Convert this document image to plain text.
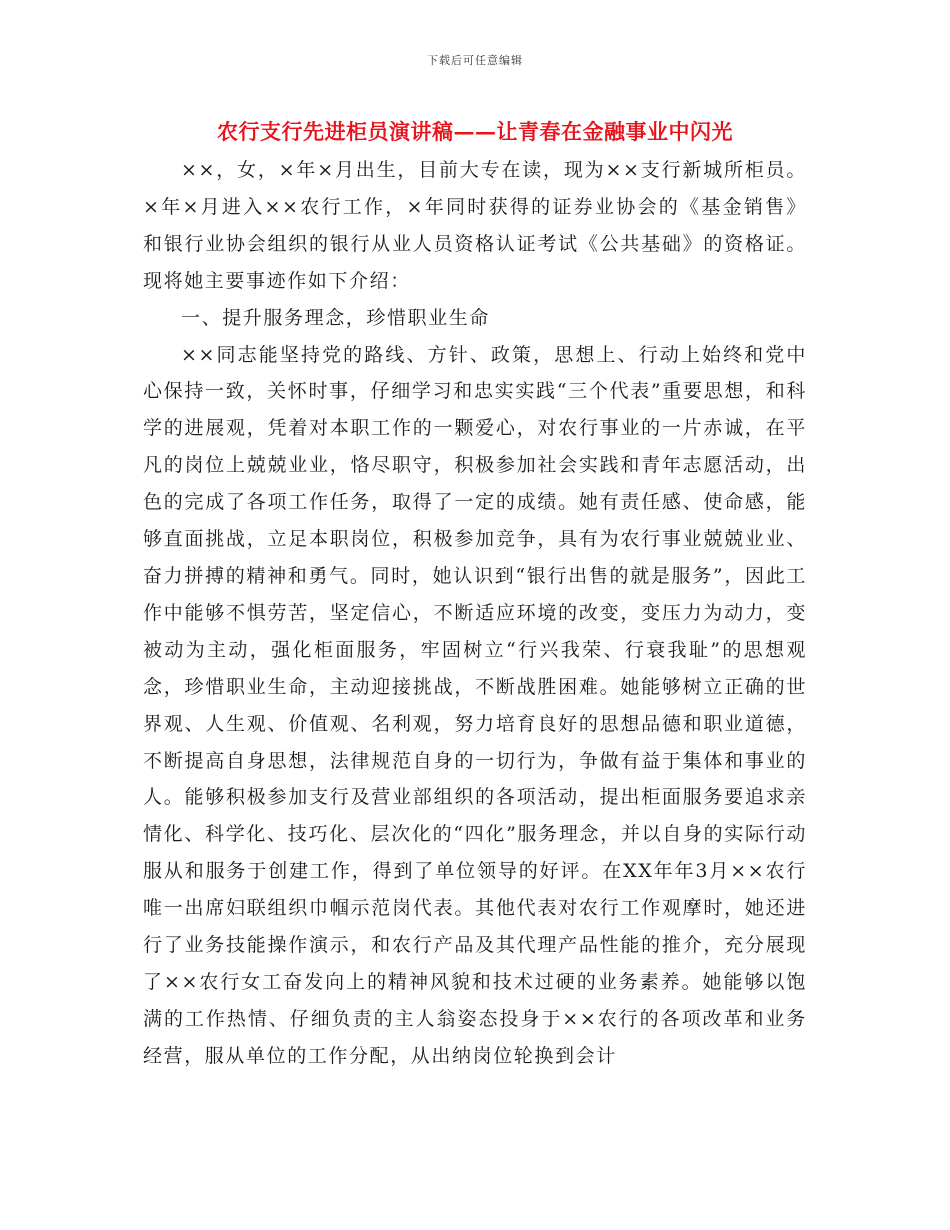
下载后可任意编辑
农行支行先进柜员演讲稿——让青春在金融事业中闪光

××，女，×年×月出生，目前大专在读，现为××支行新城所柜员。×年×月进入××农行工作，×年同时获得的证券业协会的《基金销售》和银行业协会组织的银行从业人员资格认证考试《公共基础》的资格证。现将她主要事迹作如下介绍：

一、提升服务理念，珍惜职业生命

××同志能坚持党的路线、方针、政策，思想上、行动上始终和党中心保持一致，关怀时事，仔细学习和忠实实践“三个代表”重要思想，和科学的进展观，凭着对本职工作的一颗爱心，对农行事业的一片赤诚，在平凡的岗位上兢兢业业，恪尽职守，积极参加社会实践和青年志愿活动，出色的完成了各项工作任务，取得了一定的成绩。她有责任感、使命感，能够直面挑战，立足本职岗位，积极参加竞争，具有为农行事业兢兢业业、奋力拼搏的精神和勇气。同时，她认识到“银行出售的就是服务”，因此工作中能够不惧劳苦，坚定信心，不断适应环境的改变，变压力为动力，变被动为主动，强化柜面服务，牢固树立“行兴我荣、行衰我耻”的思想观念，珍惜职业生命，主动迎接挑战，不断战胜困难。她能够树立正确的世界观、人生观、价值观、名利观，努力培育良好的思想品德和职业道德，不断提高自身思想，法律规范自身的一切行为，争做有益于集体和事业的人。能够积极参加支行及营业部组织的各项活动，提出柜面服务要追求亲情化、科学化、技巧化、层次化的“四化”服务理念，并以自身的实际行动服从和服务于创建工作，得到了单位领导的好评。在XX年年3月××农行唯一出席妇联组织巾帼示范岗代表。其他代表对农行工作观摩时，她还进行了业务技能操作演示，和农行产品及其代理产品性能的推介，充分展现了××农行女工奋发向上的精神风貌和技术过硬的业务素养。她能够以饱满的工作热情、仔细负责的主人翁姿态投身于××农行的各项改革和业务经营，服从单位的工作分配，从出纳岗位轮换到会计
